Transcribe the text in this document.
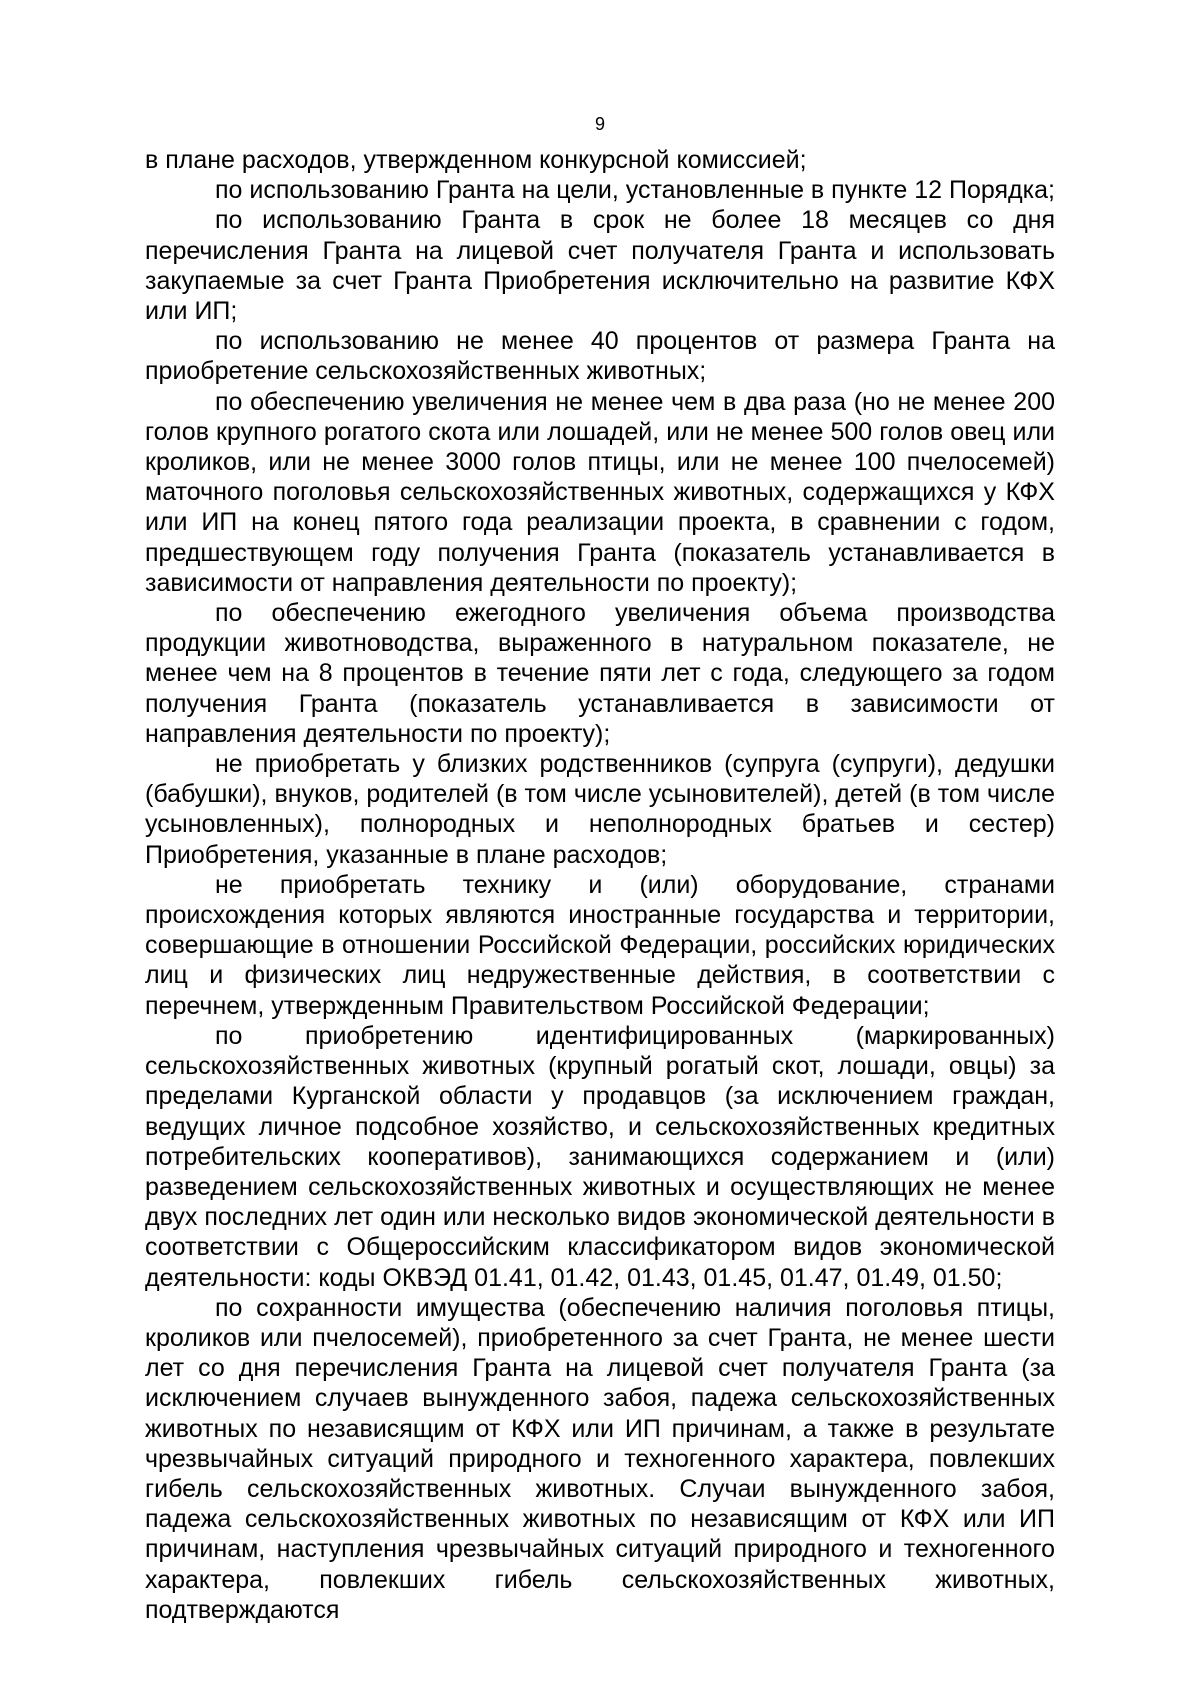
9

в плане расходов, утвержденном конкурсной комиссией;

по использованию Гранта на цели, установленные в пункте 12 Порядка;

по использованию Гранта в срок не более 18 месяцев со дня перечисления Гранта на лицевой счет получателя Гранта и использовать закупаемые за счет Гранта Приобретения исключительно на развитие КФХ или ИП;

по использованию не менее 40 процентов от размера Гранта на приобретение сельскохозяйственных животных;

по обеспечению увеличения не менее чем в два раза (но не менее 200 голов крупного рогатого скота или лошадей, или не менее 500 голов овец или кроликов, или не менее 3000 голов птицы, или не менее 100 пчелосемей) маточного поголовья сельскохозяйственных животных, содержащихся у КФХ или ИП на конец пятого года реализации проекта, в сравнении с годом, предшествующем году получения Гранта (показатель устанавливается в зависимости от направления деятельности по проекту);

по обеспечению ежегодного увеличения объема производства продукции животноводства, выраженного в натуральном показателе, не менее чем на 8 процентов в течение пяти лет с года, следующего за годом получения Гранта (показатель устанавливается в зависимости от направления деятельности по проекту);

не приобретать у близких родственников (супруга (супруги), дедушки (бабушки), внуков, родителей (в том числе усыновителей), детей (в том числе усыновленных), полнородных и неполнородных братьев и сестер) Приобретения, указанные в плане расходов;

не приобретать технику и (или) оборудование, странами происхождения которых являются иностранные государства и территории, совершающие в отношении Российской Федерации, российских юридических лиц и физических лиц недружественные действия, в соответствии с перечнем, утвержденным Правительством Российской Федерации;

по приобретению идентифицированных (маркированных) сельскохозяйственных животных (крупный рогатый скот, лошади, овцы) за пределами Курганской области у продавцов (за исключением граждан, ведущих личное подсобное хозяйство, и сельскохозяйственных кредитных потребительских кооперативов), занимающихся содержанием и (или) разведением сельскохозяйственных животных и осуществляющих не менее двух последних лет один или несколько видов экономической деятельности в соответствии с Общероссийским классификатором видов экономической деятельности: коды ОКВЭД 01.41, 01.42, 01.43, 01.45, 01.47, 01.49, 01.50;

по сохранности имущества (обеспечению наличия поголовья птицы, кроликов или пчелосемей), приобретенного за счет Гранта, не менее шести лет со дня перечисления Гранта на лицевой счет получателя Гранта (за исключением случаев вынужденного забоя, падежа сельскохозяйственных животных по независящим от КФХ или ИП причинам, а также в результате чрезвычайных ситуаций природного и техногенного характера, повлекших гибель сельскохозяйственных животных. Случаи вынужденного забоя, падежа сельскохозяйственных животных по независящим от КФХ или ИП причинам, наступления чрезвычайных ситуаций природного и техногенного характера, повлекших гибель сельскохозяйственных животных, подтверждаются
